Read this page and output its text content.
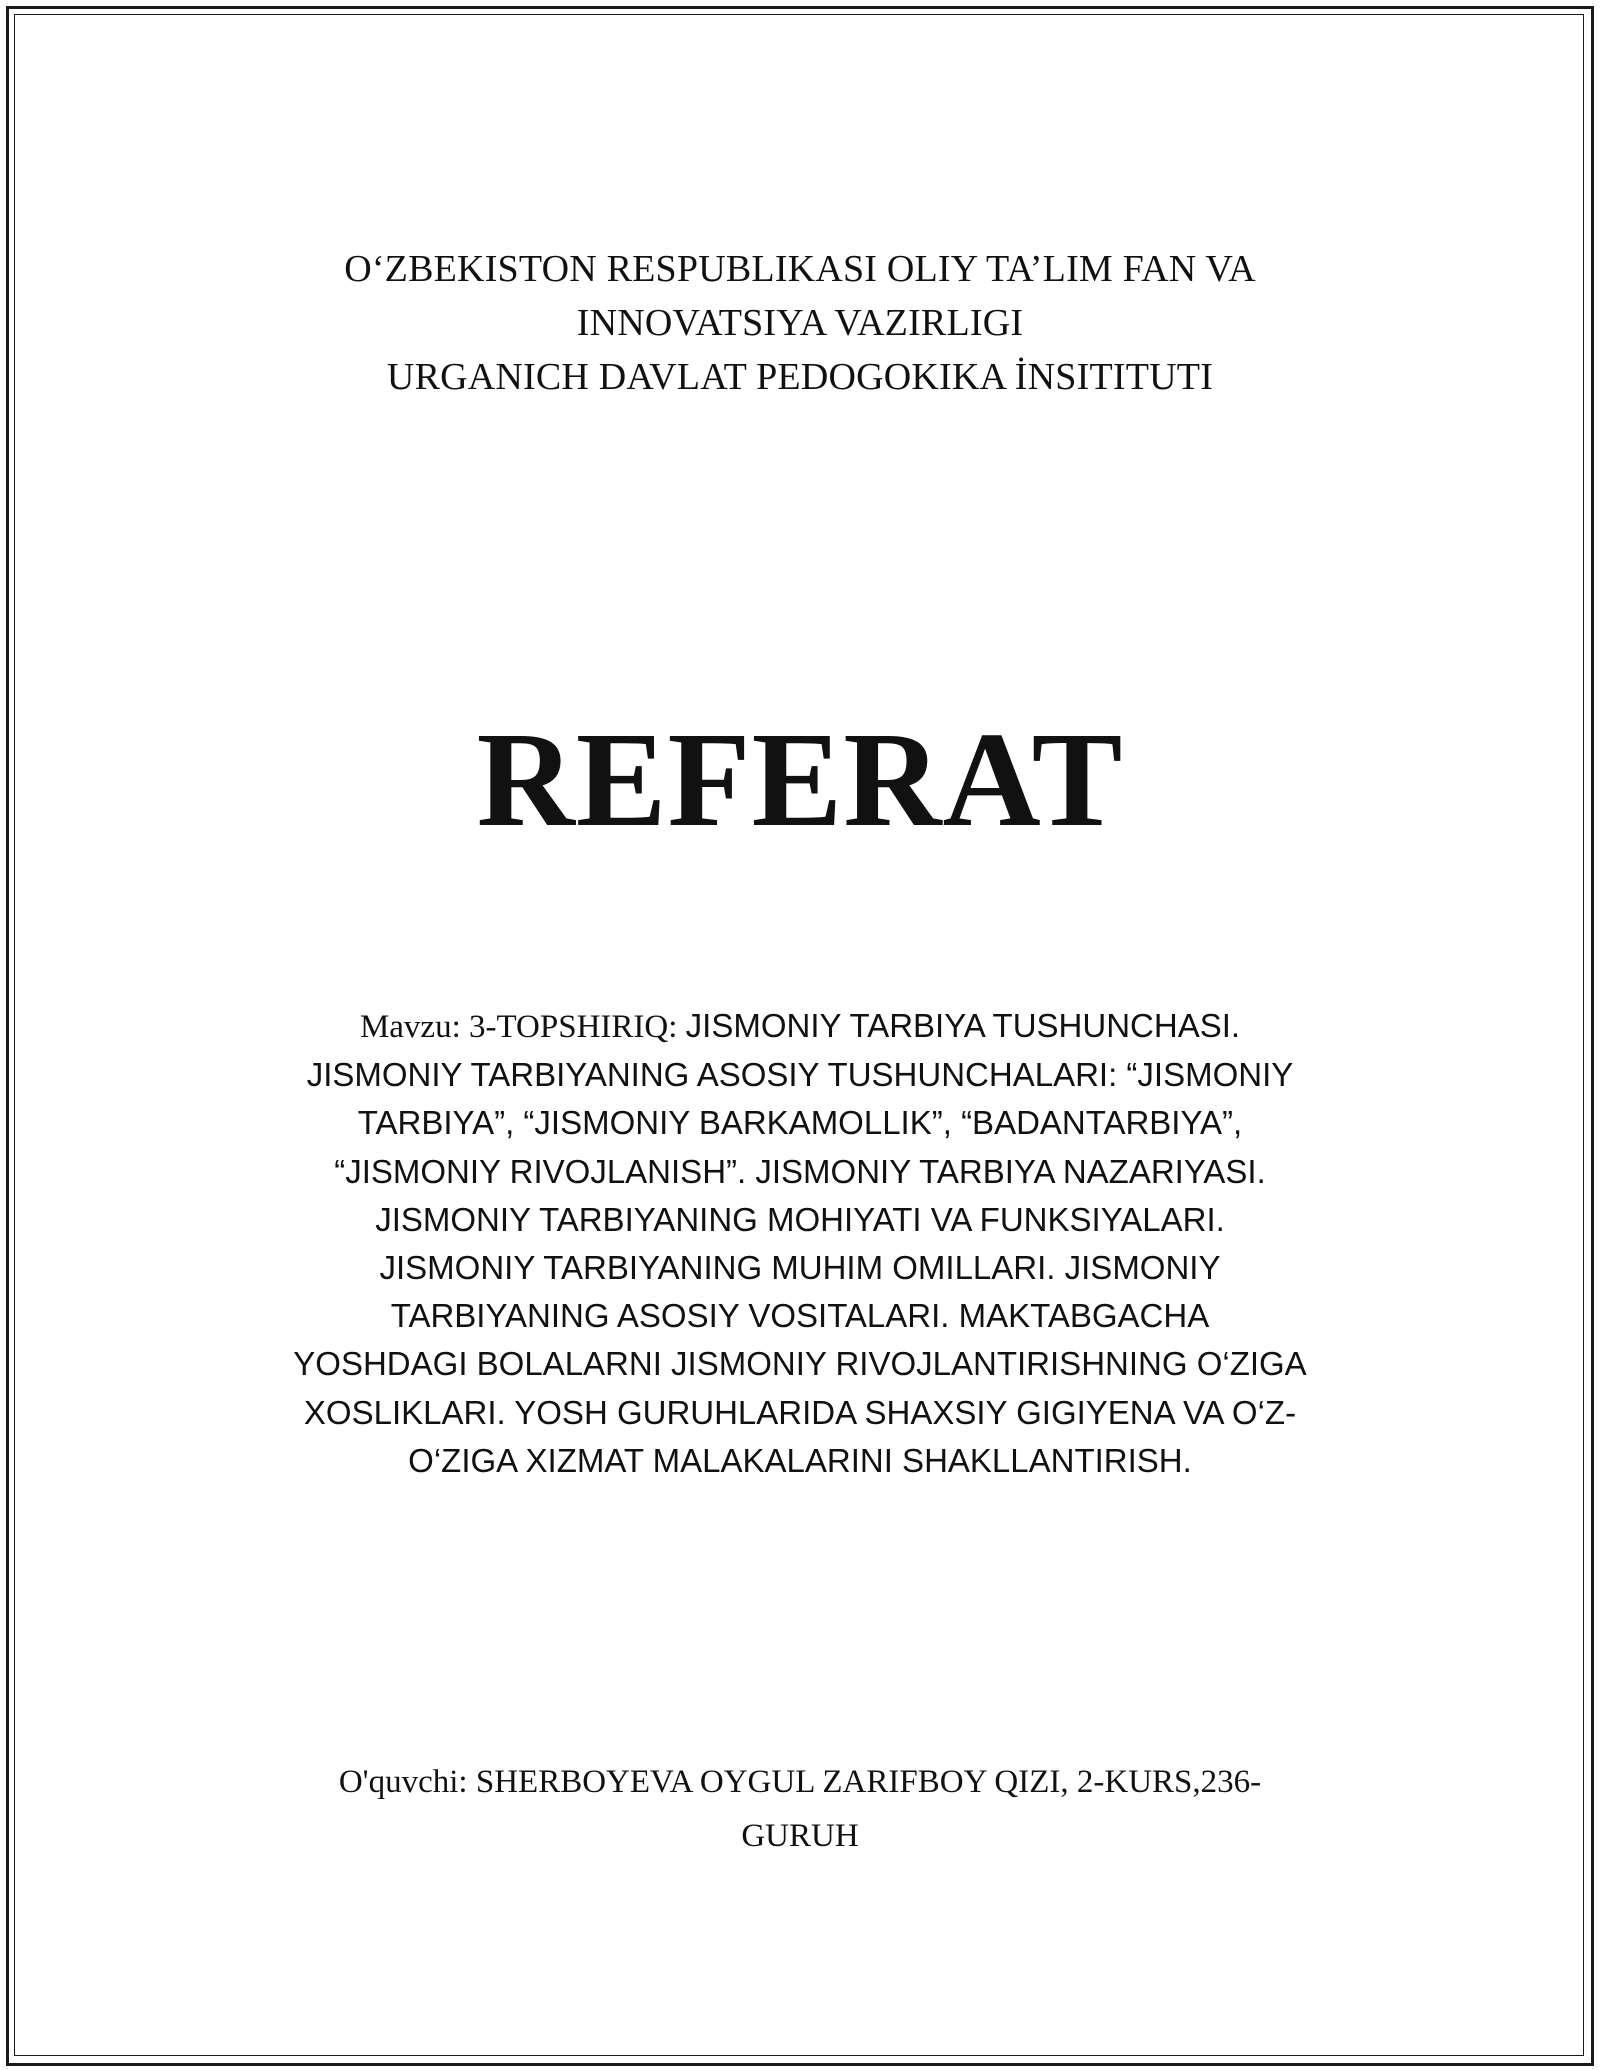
O‘ZBEKISTON RESPUBLIKASI OLIY TA’LIM FAN VA
INNOVATSIYA VAZIRLIGI
URGANICH DAVLAT PEDOGOKIKA İNSITITUTI
REFERAT
Mavzu: 3-TOPSHIRIQ: JISMONIY TARBIYA TUSHUNCHASI.
JISMONIY TARBIYANING ASOSIY TUSHUNCHALARI: “JISMONIY
TARBIYA”, “JISMONIY BARKAMOLLIK”, “BADANTARBIYA”,
“JISMONIY RIVOJLANISH”. JISMONIY TARBIYA NAZARIYASI.
JISMONIY TARBIYANING MOHIYATI VA FUNKSIYALARI.
JISMONIY TARBIYANING MUHIM OMILLARI. JISMONIY
TARBIYANING ASOSIY VOSITALARI. MAKTABGACHA
YOSHDAGI BOLALARNI JISMONIY RIVOJLANTIRISHNING O‘ZIGA
XOSLIKLARI. YOSH GURUHLARIDA SHAXSIY GIGIYENA VA O‘Z-
O‘ZIGA XIZMAT MALAKALARINI SHAKLLANTIRISH.
O'quvchi: SHERBOYEVA OYGUL ZARIFBOY QIZI, 2-KURS,236-
GURUH
